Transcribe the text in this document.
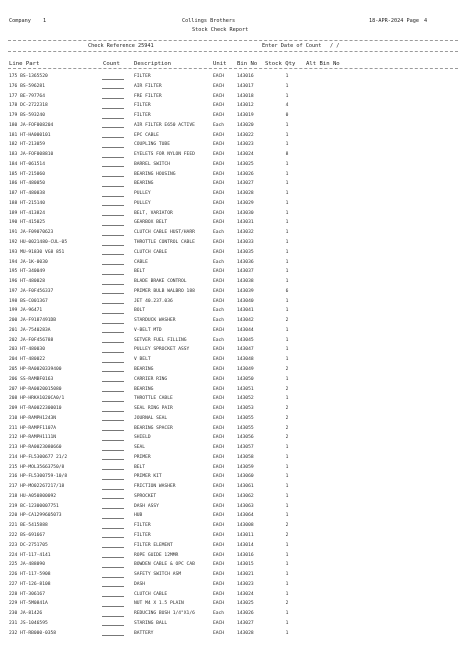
Company 1	Collings Brothers	18-APR-2024 Page 4
Stock Check Report
Check Reference 25941	Enter Date of Count / /
Line Part	Count	Description	Unit Bin No Stock Qty Alt Bin No
175 BS-1365520	FILTER	EACH	143016	1
176 BS-596281	AIR FILTER	EACH	143017	1
177 BE-797764	FRE FILTER	EACH	143018	1
178 DC-2722318	FILTER	EACH	143012	4
179 BS-593240	FILTER	EACH	143019	0
180 JA-FOF008204	AIR FILTER E650 ACTIVE	Each	143020	1
181 HT-HA000101	EPC CABLE	EACH	143022	1
182 HT-213059	COUPLING TUBE	EACH	143023	1
183 JA-FOF008810	EYELETS FOR NYLON FEED	EACH	143024	8
184 HT-061514	BARREL SWITCH	EACH	143025	1
185 HT-215060	BEARING HOUSING	EACH	143026	1
186 HT-480050	BEARING	EACH	143027	1
187 HT-480038	PULLEY	EACH	143028	1
188 HT-215140	PULLEY	EACH	143029	1
189 HT-413824	BELT, VARIATOR	EACH	143030	1
190 HT-415025	GEARBOX BELT	EACH	143031	1
191 JA-F09070623	CLUTCH CABLE HUST/HARR	Each	143032	1
192 HU-0021480-CUL-05	THROTTLE CONTROL CABLE	EACH	143033	1
193 MU-91830 VG8 851	CLUTCH CABLE	EACH	143035	1
194 JA-1K-0030	CABLE	Each	143036	1
195 HT-340049	BELT	EACH	143037	1
196 HT-480028	BLADE BRAKE CONTROL	EACH	143038	1
197 JA-F0F456337	PRIMER BULB WALBRO 188	EACH	143039	6
198 BS-C001367	JET 40.237.036	EACH	143040	1
199 JA-96471	BOLT	Each	143041	1
200 JA-F9187491DB	STARDUCK WASHER	Each	143042	2
201 JA-7540283A	V-BELT MTD	EACH	143044	1
202 JA-F0F456788	SETVER FUEL FILLING	Each	143045	1
203 HT-480030	PULLEY SPROCKET ASSY	EACH	143047	1
204 HT-480022	V BELT	EACH	143048	1
205 HP-RA0020339400	BEARING	EACH	143049	2
206 SS-RAMBF0163	CARRIER RING	EACH	143050	1
207 HP-RA0020015080	BEARING	EACH	143051	2
208 HP-HRKA1020CA0/1	THROTTLE CABLE	EACH	143052	1
209 HT-RA0022300010	SEAL RING PAIR	EACH	143053	2
210 HP-RAMPH1243N	JOURNAL SEAL	EACH	143055	2
211 HP-RAMPF1107A	BEARING SPACER	EACH	143055	2
212 HP-RAMPH1111N	SHIELD	EACH	143056	2
213 HP-RA0023080660	SEAL	EACH	143057	1
214 HP-FL5300677 21/2	PRIMER	EACH	143058	1
215 HP-MOL35663750/8	BELT	EACH	143059	1
216 HP-FL5300759-10/8	PRIMER KIT	EACH	143060	1
217 HP-MO02267217/18	FRICTION WASHER	EACH	143061	1
218 HU-A050800092	SPROCKET	EACH	143062	1
219 BC-12300007751	DASH ASSY	EACH	143063	1
220 HP-CA1299605073	HUB	EACH	143064	1
221 BE-5415888	FILTER	EACH	143008	2
222 BS-691667	FILTER	EACH	143011	2
223 DC-2751705	FILTER ELEMENT	EACH	143014	1
224 HT-117-4141	ROPE GUIDE 12MMR	EACH	143016	1
225 JA-488090	BOWDEN CABLE & OPC CAB	EACH	143015	1
226 HT-117-5908	SAFETY SWITCH ASM	EACH	143021	1
227 HT-126-8108	DASH	EACH	143023	1
228 HT-306167	CLUTCH CABLE	EACH	143024	1
229 HT-5M0841A	NUT M4 X 1.5 PLAIN	EACH	143025	2
230 JA-81426	REDUCING BUSH 1/4"X1/6	Each	143026	1
231 JS-1046595	STARING BALL	EACH	143027	1
232 HT-RB000-0358	BATTERY	EACH	143028	1
